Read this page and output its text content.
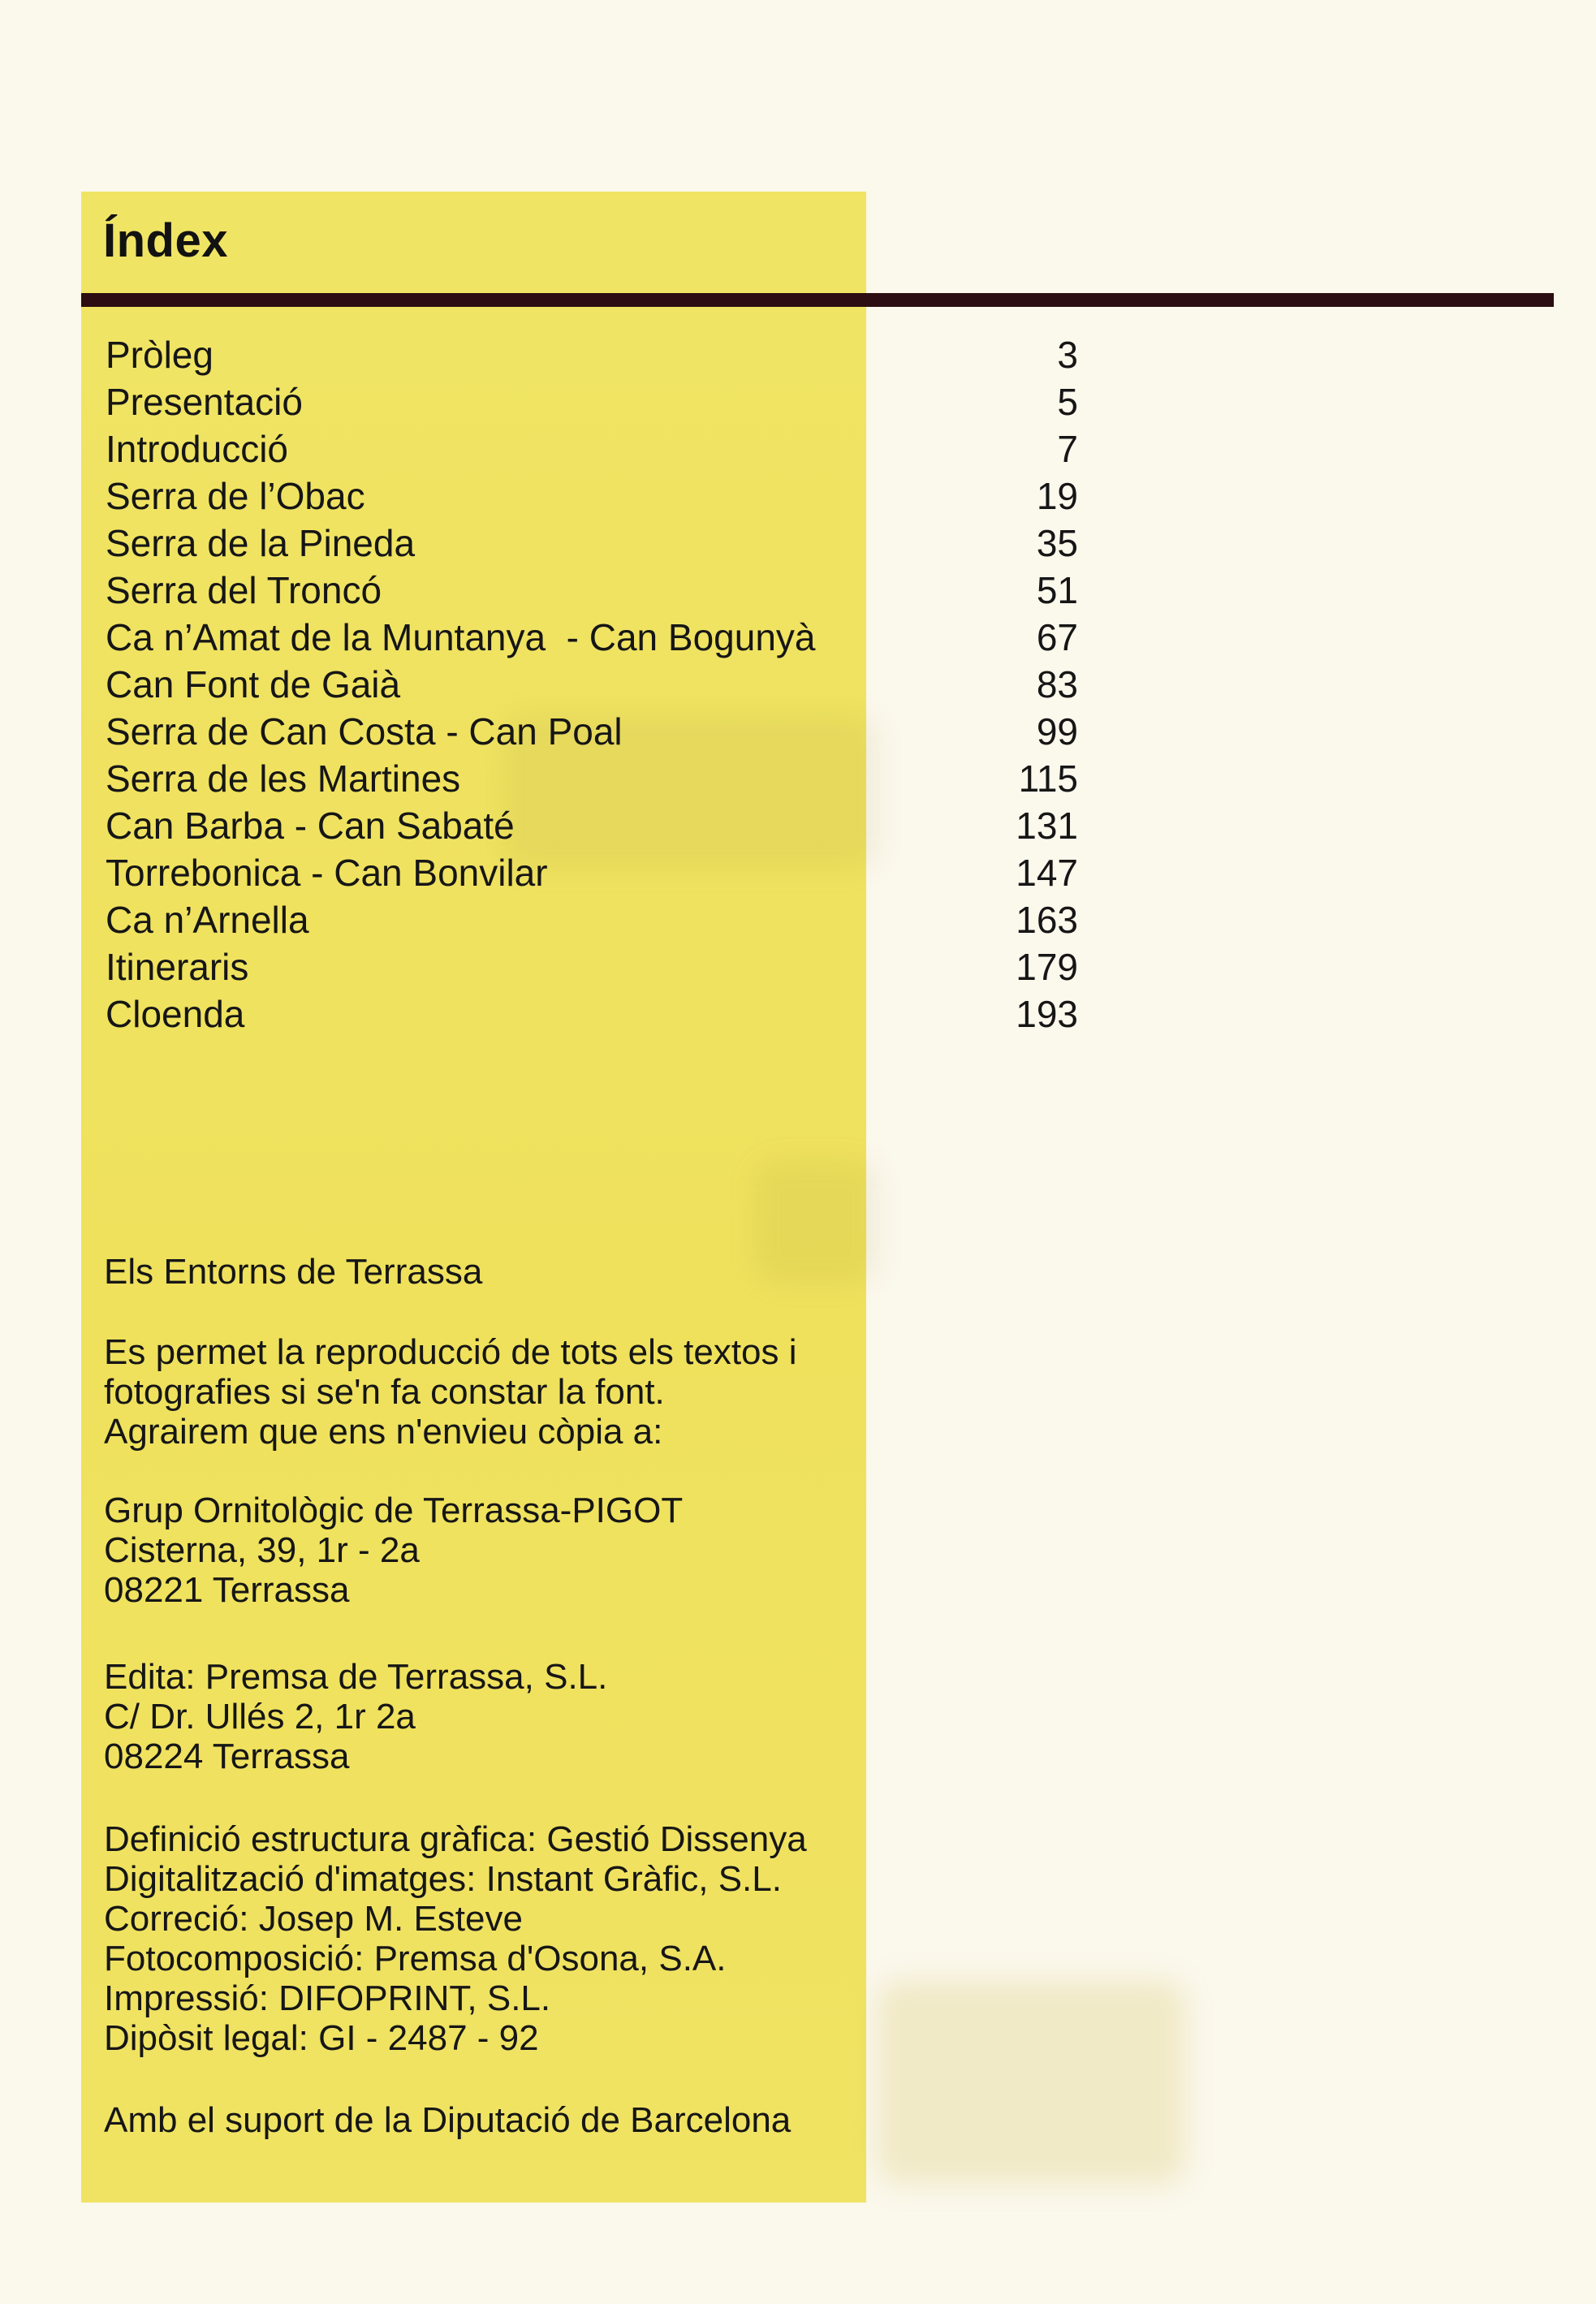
Índex
Pròleg	3
Presentació	5
Introducció	7
Serra de l’Obac	19
Serra de la Pineda	35
Serra del Troncó	51
Ca n’Amat de la Muntanya  - Can Bogunyà	67
Can Font de Gaià	83
Serra de Can Costa - Can Poal	99
Serra de les Martines	115
Can Barba - Can Sabaté	131
Torrebonica - Can Bonvilar	147
Ca n’Arnella	163
Itineraris	179
Cloenda	193
Els Entorns de Terrassa
Es permet la reproducció de tots els textos i
fotografies si se'n fa constar la font.
Agrairem que ens n'envieu còpia a:
Grup Ornitològic de Terrassa-PIGOT
Cisterna, 39, 1r - 2a
08221 Terrassa
Edita: Premsa de Terrassa, S.L.
C/ Dr. Ullés 2, 1r 2a
08224 Terrassa
Definició estructura gràfica: Gestió Dissenya
Digitalització d'imatges: Instant Gràfic, S.L.
Correció: Josep M. Esteve
Fotocomposició: Premsa d'Osona, S.A.
Impressió: DIFOPRINT, S.L.
Dipòsit legal: GI - 2487 - 92
Amb el suport de la Diputació de Barcelona
